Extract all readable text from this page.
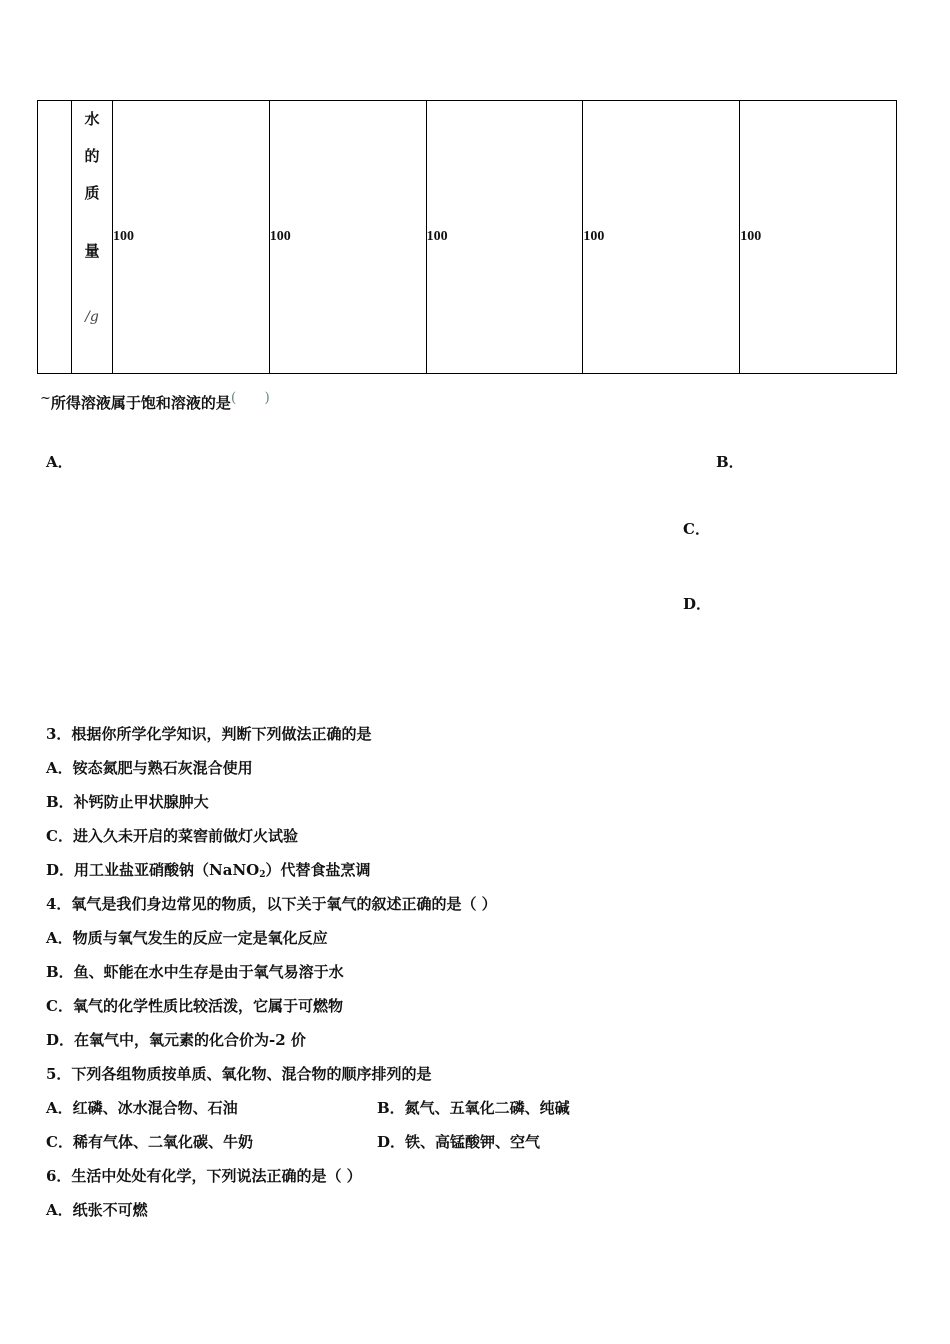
水
的
质
量
/g
	100	100	100	100	100
~所得溶液属于饱和溶液的是(　　)
A．	B．
C．
D．
3．根据你所学化学知识，判断下列做法正确的是
A．铵态氮肥与熟石灰混合使用
B．补钙防止甲状腺肿大
C．进入久未开启的菜窖前做灯火试验
D．用工业盐亚硝酸钠（NaNO$_2$）代替食盐烹调
4．氧气是我们身边常见的物质，以下关于氧气的叙述正确的是（ ）
A．物质与氧气发生的反应一定是氧化反应
B．鱼、虾能在水中生存是由于氧气易溶于水
C．氧气的化学性质比较活泼，它属于可燃物
D．在氧气中，氧元素的化合价为-2 价
5．下列各组物质按单质、氧化物、混合物的顺序排列的是
A．红磷、冰水混合物、石油	B．氮气、五氧化二磷、纯碱
C．稀有气体、二氧化碳、牛奶	D．铁、高锰酸钾、空气
6．生活中处处有化学，下列说法正确的是（ ）
A．纸张不可燃
